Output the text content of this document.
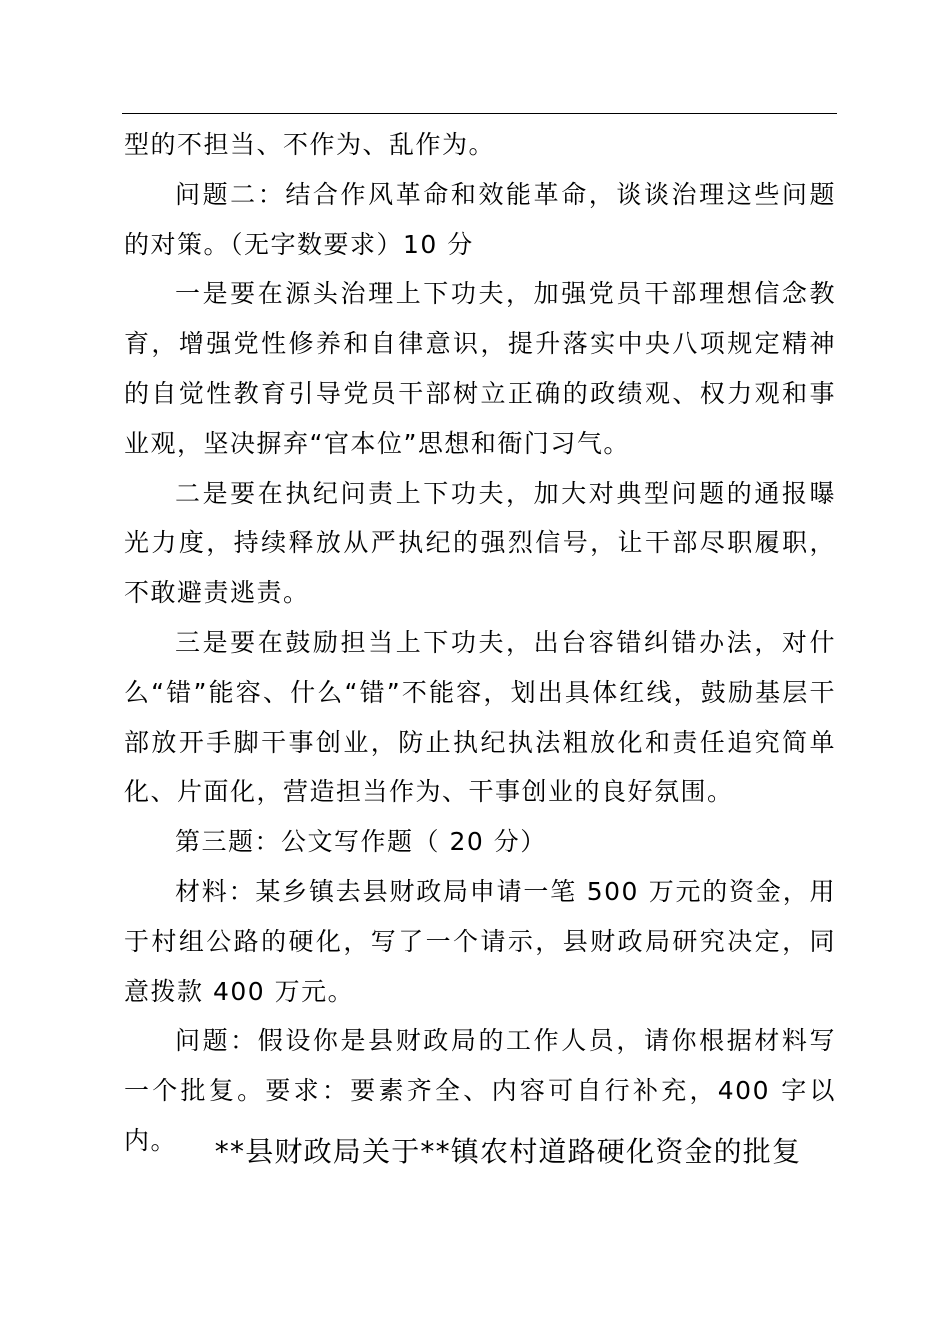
型的不担当、不作为、乱作为。

问题二：结合作风革命和效能革命，谈谈治理这些问题的对策。（无字数要求）10 分

一是要在源头治理上下功夫，加强党员干部理想信念教育，增强党性修养和自律意识，提升落实中央八项规定精神的自觉性教育引导党员干部树立正确的政绩观、权力观和事业观，坚决摒弃“官本位”思想和衙门习气。

二是要在执纪问责上下功夫，加大对典型问题的通报曝光力度，持续释放从严执纪的强烈信号，让干部尽职履职，不敢避责逃责。

三是要在鼓励担当上下功夫，出台容错纠错办法，对什么“错”能容、什么“错”不能容，划出具体红线，鼓励基层干部放开手脚干事创业，防止执纪执法粗放化和责任追究简单化、片面化，营造担当作为、干事创业的良好氛围。

第三题：公文写作题（ 20 分）

材料：某乡镇去县财政局申请一笔 500 万元的资金，用于村组公路的硬化，写了一个请示，县财政局研究决定，同意拨款 400 万元。

问题：假设你是县财政局的工作人员，请你根据材料写一个批复。要求：要素齐全、内容可自行补充，400 字以内。	**县财政局关于**镇农村道路硬化资金的批复
